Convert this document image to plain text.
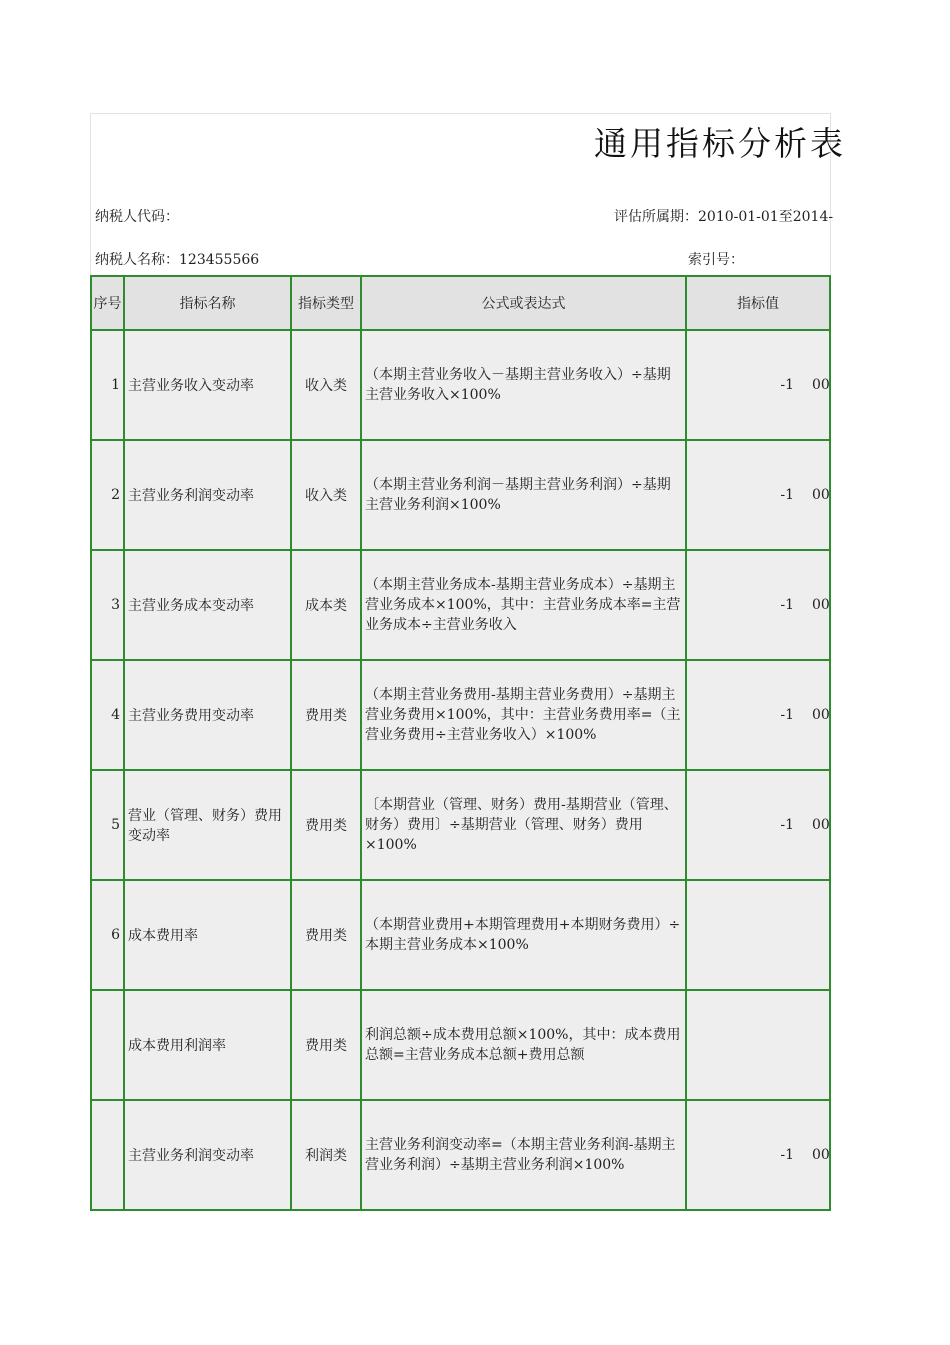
通用指标分析表
纳税人代码：	评估所属期：2010-01-01至2014-
纳税人名称：123455566	索引号：
序号	指标名称	指标类型	公式或表达式	指标值
1	主营业务收入变动率	收入类	（本期主营业务收入－基期主营业务收入）÷基期主营业务收入×100%	-1 00
2	主营业务利润变动率	收入类	（本期主营业务利润－基期主营业务利润）÷基期主营业务利润×100%	-1 00
3	主营业务成本变动率	成本类	（本期主营业务成本-基期主营业务成本）÷基期主营业务成本×100%，其中：主营业务成本率=主营业务成本÷主营业务收入	-1 00
4	主营业务费用变动率	费用类	（本期主营业务费用-基期主营业务费用）÷基期主营业务费用×100%，其中：主营业务费用率=（主营业务费用÷主营业务收入）×100%	-1 00
5	营业（管理、财务）费用变动率	费用类	〔本期营业（管理、财务）费用-基期营业（管理、财务）费用〕÷基期营业（管理、财务）费用×100%	-1 00
6	成本费用率	费用类	（本期营业费用+本期管理费用+本期财务费用）÷本期主营业务成本×100%	
	成本费用利润率	费用类	利润总额÷成本费用总额×100%，其中：成本费用总额=主营业务成本总额+费用总额	
	主营业务利润变动率	利润类	主营业务利润变动率=（本期主营业务利润-基期主营业务利润）÷基期主营业务利润×100%	-1 00
